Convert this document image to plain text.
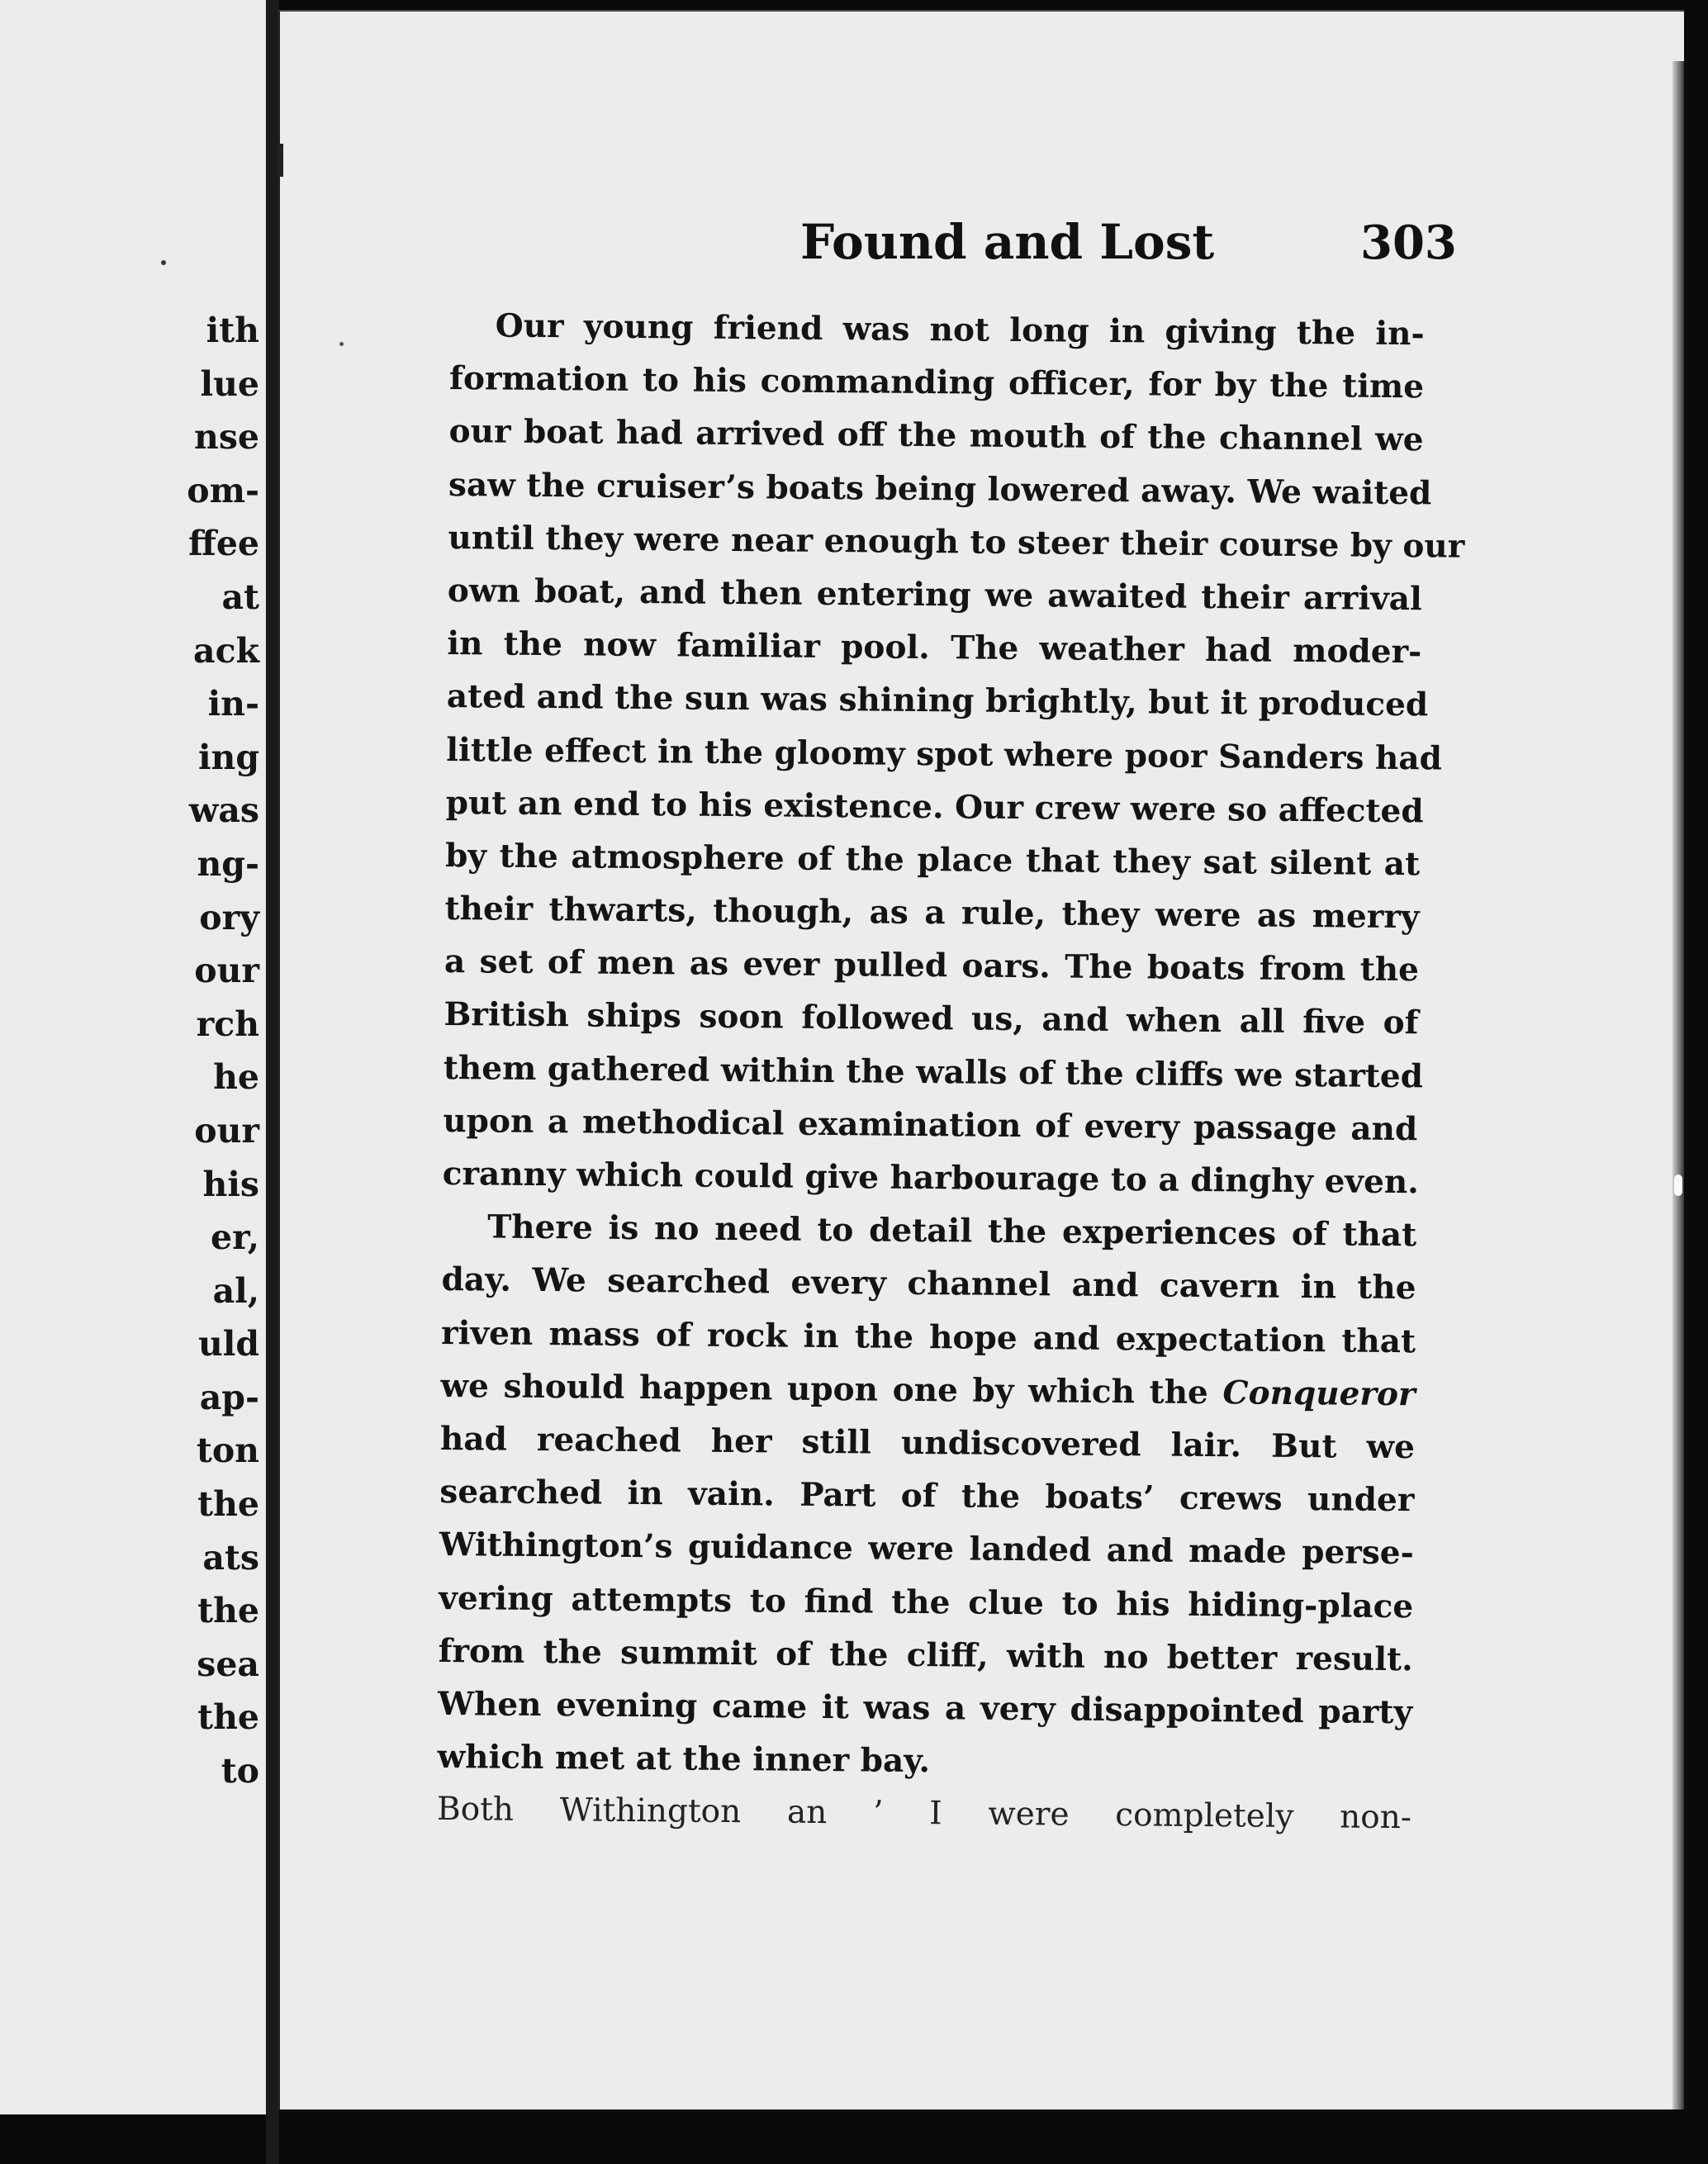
ith
lue
nse
om-
ffee
at
ack
in-
ing
was
ng-
ory
our
rch
he
our
his
er,
al,
uld
ap-
ton
the
ats
the
sea
the
to
Found and Lost	303
Our young friend was not long in giving the in-
formation to his commanding officer, for by the time
our boat had arrived off the mouth of the channel we
saw the cruiser’s boats being lowered away. We waited
until they were near enough to steer their course by our
own boat, and then entering we awaited their arrival
in the now familiar pool. The weather had moder-
ated and the sun was shining brightly, but it produced
little effect in the gloomy spot where poor Sanders had
put an end to his existence. Our crew were so affected
by the atmosphere of the place that they sat silent at
their thwarts, though, as a rule, they were as merry
a set of men as ever pulled oars. The boats from the
British ships soon followed us, and when all five of
them gathered within the walls of the cliffs we started
upon a methodical examination of every passage and
cranny which could give harbourage to a dinghy even.
There is no need to detail the experiences of that
day. We searched every channel and cavern in the
riven mass of rock in the hope and expectation that
we should happen upon one by which the Conqueror
had reached her still undiscovered lair. But we
searched in vain. Part of the boats’ crews under
Withington’s guidance were landed and made perse-
vering attempts to find the clue to his hiding-place
from the summit of the cliff, with no better result.
When evening came it was a very disappointed party
which met at the inner bay.
Both Withington an ’ I were completely non-
